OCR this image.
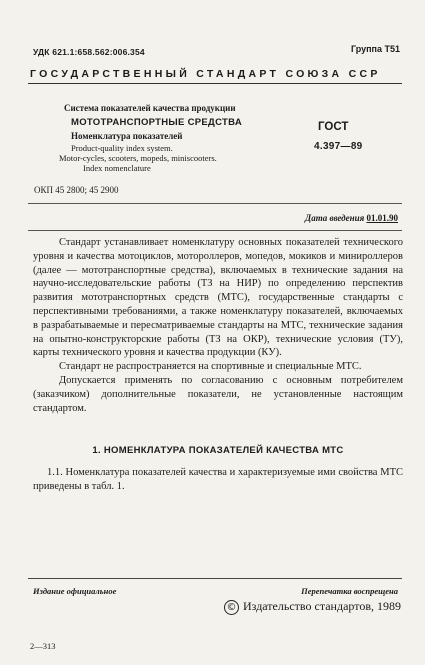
УДК 621.1:658.562:006.354	Группа Т51
ГОСУДАРСТВЕННЫЙ СТАНДАРТ СОЮЗА ССР
Система показателей качества продукции
МОТОТРАНСПОРТНЫЕ СРЕДСТВА
Номенклатура показателей
Product-quality index system.
Motor-cycles, scooters, mopeds, miniscooters.
Index nomenclature
ГОСТ
4.397—89
ОКП 45 2800; 45 2900
Дата введения 01.01.90

Стандарт устанавливает номенклатуру основных показателей технического уровня и качества мотоциклов, мотороллеров, мопедов, мокиков и минироллеров (далее — мототранспортные средства), включаемых в технические задания на научно-исследовательские работы (ТЗ на НИР) по определению перспектив развития мототранспортных средств (МТС), государственные стандарты с перспективными требованиями, а также номенклатуру показателей, включаемых в разрабатываемые и пересматриваемые стандарты на МТС, технические задания на опытно-конструкторские работы (ТЗ на ОКР), технические условия (ТУ), карты технического уровня и качества продукции (КУ).

Стандарт не распространяется на спортивные и специальные МТС.

Допускается применять по согласованию с основным потребителем (заказчиком) дополнительные показатели, не установленные настоящим стандартом.

1. НОМЕНКЛАТУРА ПОКАЗАТЕЛЕЙ КАЧЕСТВА МТС

1.1. Номенклатура показателей качества и характеризуемые ими свойства МТС приведены в табл. 1.

Издание официальное	Перепечатка воспрещена
© Издательство стандартов, 1989
2—313
